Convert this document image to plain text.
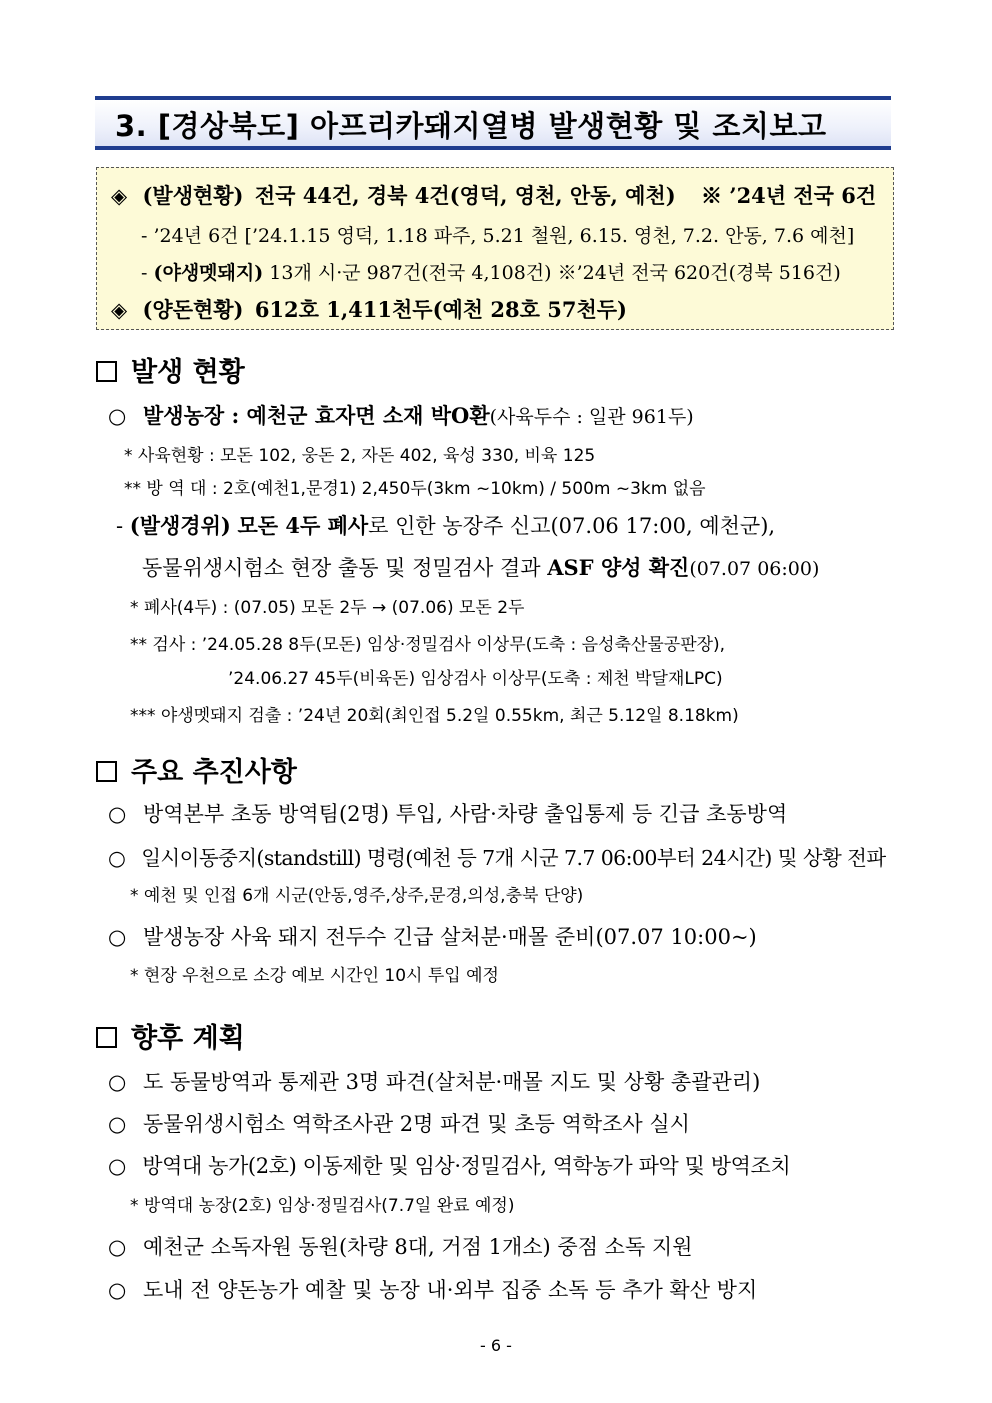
3. [경상북도] 아프리카돼지열병 발생현황 및 조치보고
◈ (발생현황) 전국 44건, 경북 4건(영덕, 영천, 안동, 예천) ※ ’24년 전국 6건
- ’24년 6건 [’24.1.15 영덕, 1.18 파주, 5.21 철원, 6.15. 영천, 7.2. 안동, 7.6 예천]
- (야생멧돼지) 13개 시·군 987건(전국 4,108건) ※’24년 전국 620건(경북 516건)
◈ (양돈현황) 612호 1,411천두(예천 28호 57천두)
발생 현황
○ 발생농장 : 예천군 효자면 소재 박O환(사육두수 : 일관 961두)
* 사육현황 : 모돈 102, 웅돈 2, 자돈 402, 육성 330, 비육 125
** 방 역 대 : 2호(예천1,문경1) 2,450두(3km ~10km) / 500m ~3km 없음
- (발생경위) 모돈 4두 폐사로 인한 농장주 신고(07.06 17:00, 예천군),
동물위생시험소 현장 출동 및 정밀검사 결과 ASF 양성 확진(07.07 06:00)
* 폐사(4두) : (07.05) 모돈 2두 → (07.06) 모돈 2두
** 검사 : ’24.05.28 8두(모돈) 임상·정밀검사 이상무(도축 : 음성축산물공판장),
’24.06.27 45두(비육돈) 임상검사 이상무(도축 : 제천 박달재LPC)
*** 야생멧돼지 검출 : ’24년 20회(최인접 5.2일 0.55km, 최근 5.12일 8.18km)
주요 추진사항
○ 방역본부 초동 방역팀(2명) 투입, 사람·차량 출입통제 등 긴급 초동방역
○ 일시이동중지(standstill) 명령(예천 등 7개 시군 7.7 06:00부터 24시간) 및 상황 전파
* 예천 및 인접 6개 시군(안동,영주,상주,문경,의성,충북 단양)
○ 발생농장 사육 돼지 전두수 긴급 살처분·매몰 준비(07.07 10:00~)
* 현장 우천으로 소강 예보 시간인 10시 투입 예정
향후 계획
○ 도 동물방역과 통제관 3명 파견(살처분·매몰 지도 및 상황 총괄관리)
○ 동물위생시험소 역학조사관 2명 파견 및 초등 역학조사 실시
○ 방역대 농가(2호) 이동제한 및 임상·정밀검사, 역학농가 파악 및 방역조치
* 방역대 농장(2호) 임상·정밀검사(7.7일 완료 예정)
○ 예천군 소독자원 동원(차량 8대, 거점 1개소) 중점 소독 지원
○ 도내 전 양돈농가 예찰 및 농장 내·외부 집중 소독 등 추가 확산 방지
- 6 -
